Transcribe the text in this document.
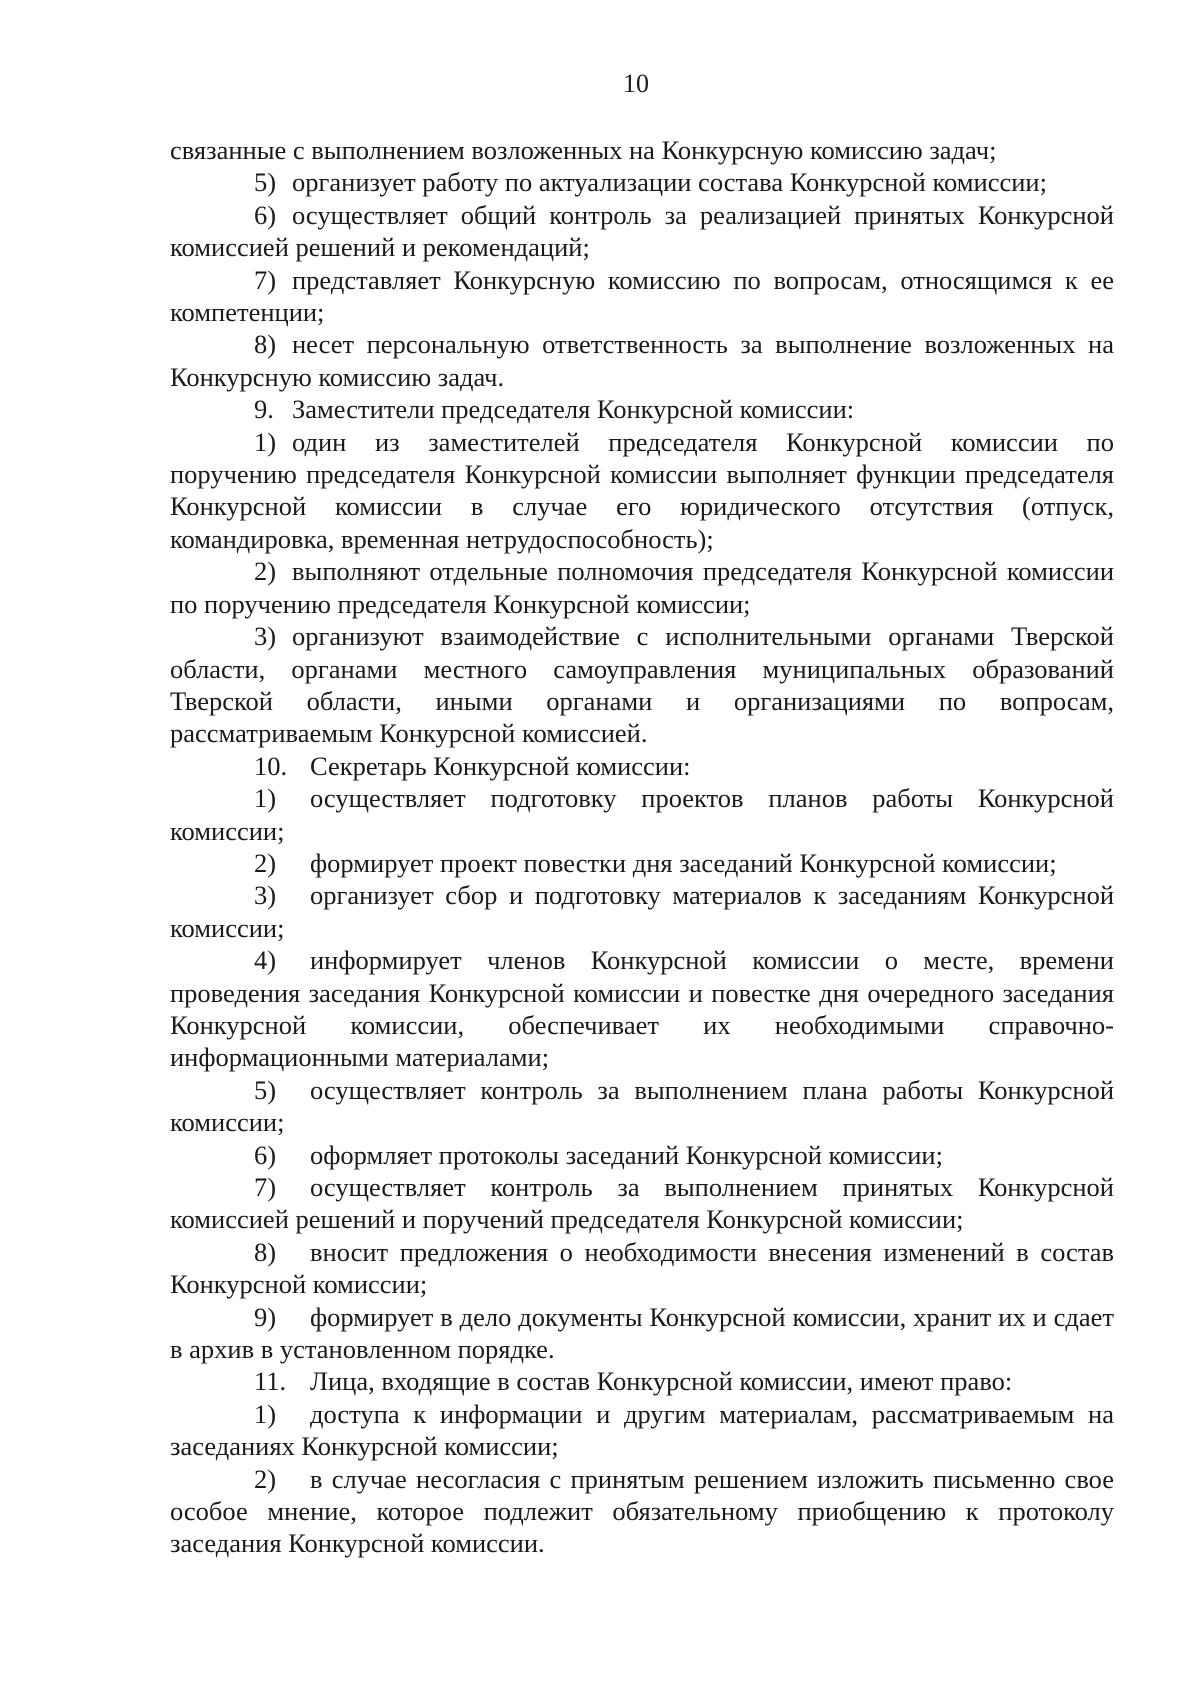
10

связанные с выполнением возложенных на Конкурсную комиссию задач;

5) организует работу по актуализации состава Конкурсной комиссии;

6) осуществляет общий контроль за реализацией принятых Конкурсной комиссией решений и рекомендаций;

7) представляет Конкурсную комиссию по вопросам, относящимся к ее компетенции;

8) несет персональную ответственность за выполнение возложенных на Конкурсную комиссию задач.

9. Заместители председателя Конкурсной комиссии:

1) один из заместителей председателя Конкурсной комиссии по поручению председателя Конкурсной комиссии выполняет функции председателя Конкурсной комиссии в случае его юридического отсутствия (отпуск, командировка, временная нетрудоспособность);

2) выполняют отдельные полномочия председателя Конкурсной комиссии по поручению председателя Конкурсной комиссии;

3) организуют взаимодействие с исполнительными органами Тверской области, органами местного самоуправления муниципальных образований Тверской области, иными органами и организациями по вопросам, рассматриваемым Конкурсной комиссией.

10. Секретарь Конкурсной комиссии:

1) осуществляет подготовку проектов планов работы Конкурсной комиссии;

2) формирует проект повестки дня заседаний Конкурсной комиссии;

3) организует сбор и подготовку материалов к заседаниям Конкурсной комиссии;

4) информирует членов Конкурсной комиссии о месте, времени проведения заседания Конкурсной комиссии и повестке дня очередного заседания Конкурсной комиссии, обеспечивает их необходимыми справочно-информационными материалами;

5) осуществляет контроль за выполнением плана работы Конкурсной комиссии;

6) оформляет протоколы заседаний Конкурсной комиссии;

7) осуществляет контроль за выполнением принятых Конкурсной комиссией решений и поручений председателя Конкурсной комиссии;

8) вносит предложения о необходимости внесения изменений в состав Конкурсной комиссии;

9) формирует в дело документы Конкурсной комиссии, хранит их и сдает в архив в установленном порядке.

11. Лица, входящие в состав Конкурсной комиссии, имеют право:

1) доступа к информации и другим материалам, рассматриваемым на заседаниях Конкурсной комиссии;

2) в случае несогласия с принятым решением изложить письменно свое особое мнение, которое подлежит обязательному приобщению к протоколу заседания Конкурсной комиссии.
